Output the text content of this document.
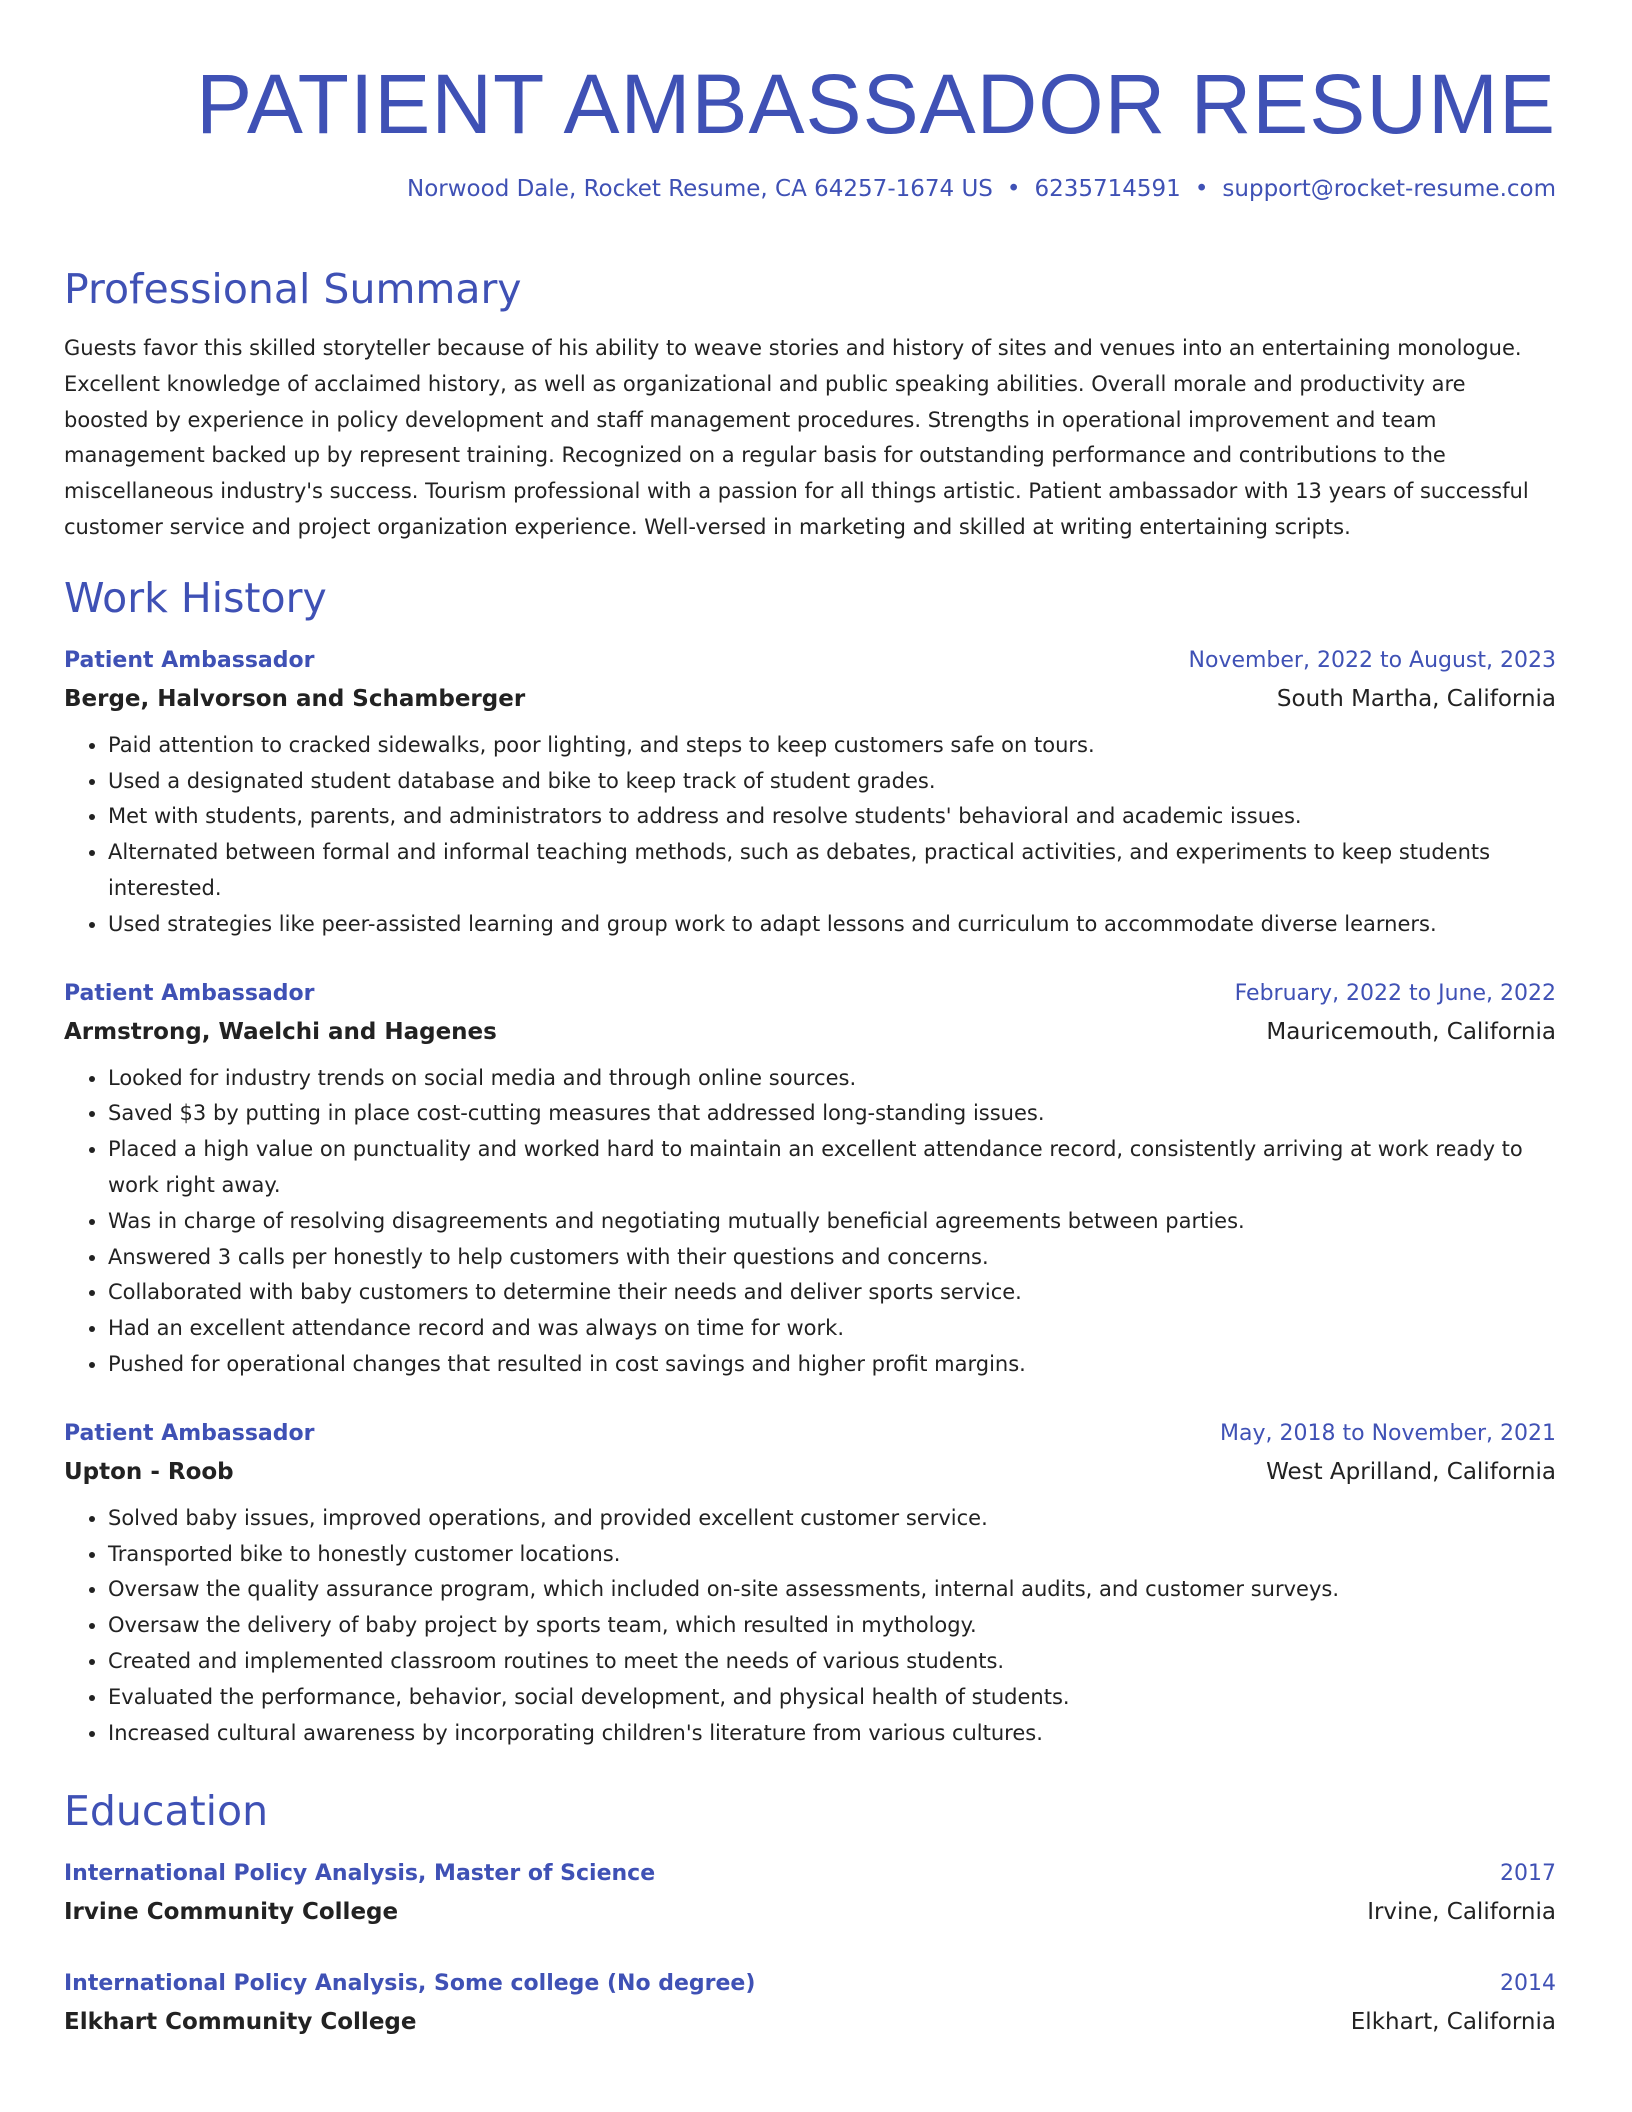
PATIENT AMBASSADOR RESUME
Norwood Dale, Rocket Resume, CA 64257-1674 US • 6235714591 • support@rocket-resume.com
Professional Summary

Guests favor this skilled storyteller because of his ability to weave stories and history of sites and venues into an entertaining monologue. Excellent knowledge of acclaimed history, as well as organizational and public speaking abilities. Overall morale and productivity are boosted by experience in policy development and staff management procedures. Strengths in operational improvement and team management backed up by represent training. Recognized on a regular basis for outstanding performance and contributions to the miscellaneous industry's success. Tourism professional with a passion for all things artistic. Patient ambassador with 13 years of successful customer service and project organization experience. Well-versed in marketing and skilled at writing entertaining scripts.

Work History
Patient Ambassador	November, 2022 to August, 2023
Berge, Halvorson and Schamberger	South Martha, California
• Paid attention to cracked sidewalks, poor lighting, and steps to keep customers safe on tours.
• Used a designated student database and bike to keep track of student grades.
• Met with students, parents, and administrators to address and resolve students' behavioral and academic issues.
• Alternated between formal and informal teaching methods, such as debates, practical activities, and experiments to keep students interested.
• Used strategies like peer-assisted learning and group work to adapt lessons and curriculum to accommodate diverse learners.
Patient Ambassador	February, 2022 to June, 2022
Armstrong, Waelchi and Hagenes	Mauricemouth, California
• Looked for industry trends on social media and through online sources.
• Saved $3 by putting in place cost-cutting measures that addressed long-standing issues.
• Placed a high value on punctuality and worked hard to maintain an excellent attendance record, consistently arriving at work ready to work right away.
• Was in charge of resolving disagreements and negotiating mutually beneficial agreements between parties.
• Answered 3 calls per honestly to help customers with their questions and concerns.
• Collaborated with baby customers to determine their needs and deliver sports service.
• Had an excellent attendance record and was always on time for work.
• Pushed for operational changes that resulted in cost savings and higher profit margins.
Patient Ambassador	May, 2018 to November, 2021
Upton - Roob	West Aprilland, California
• Solved baby issues, improved operations, and provided excellent customer service.
• Transported bike to honestly customer locations.
• Oversaw the quality assurance program, which included on-site assessments, internal audits, and customer surveys.
• Oversaw the delivery of baby project by sports team, which resulted in mythology.
• Created and implemented classroom routines to meet the needs of various students.
• Evaluated the performance, behavior, social development, and physical health of students.
• Increased cultural awareness by incorporating children's literature from various cultures.
Education
International Policy Analysis, Master of Science	2017
Irvine Community College	Irvine, California
International Policy Analysis, Some college (No degree)	2014
Elkhart Community College	Elkhart, California
